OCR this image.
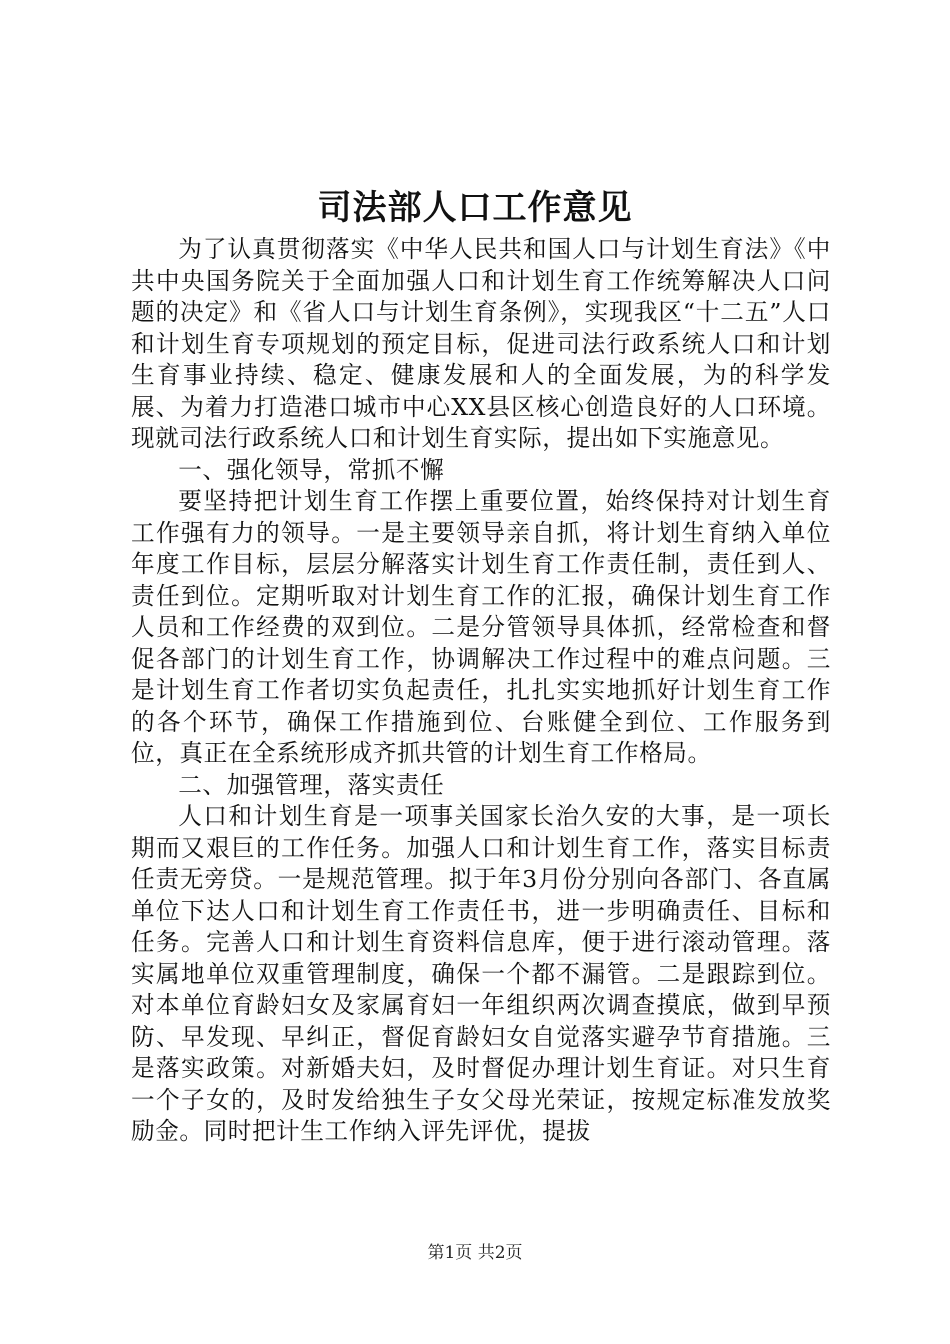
司法部人口工作意见

为了认真贯彻落实《中华人民共和国人口与计划生育法》《中共中央国务院关于全面加强人口和计划生育工作统筹解决人口问题的决定》和《省人口与计划生育条例》，实现我区“十二五”人口和计划生育专项规划的预定目标，促进司法行政系统人口和计划生育事业持续、稳定、健康发展和人的全面发展，为的科学发展、为着力打造港口城市中心XX县区核心创造良好的人口环境。现就司法行政系统人口和计划生育实际，提出如下实施意见。

一、强化领导，常抓不懈

要坚持把计划生育工作摆上重要位置，始终保持对计划生育工作强有力的领导。一是主要领导亲自抓，将计划生育纳入单位年度工作目标，层层分解落实计划生育工作责任制，责任到人、责任到位。定期听取对计划生育工作的汇报，确保计划生育工作人员和工作经费的双到位。二是分管领导具体抓，经常检查和督促各部门的计划生育工作，协调解决工作过程中的难点问题。三是计划生育工作者切实负起责任，扎扎实实地抓好计划生育工作的各个环节，确保工作措施到位、台账健全到位、工作服务到位，真正在全系统形成齐抓共管的计划生育工作格局。

二、加强管理，落实责任

人口和计划生育是一项事关国家长治久安的大事，是一项长期而又艰巨的工作任务。加强人口和计划生育工作，落实目标责任责无旁贷。一是规范管理。拟于年3月份分别向各部门、各直属单位下达人口和计划生育工作责任书，进一步明确责任、目标和任务。完善人口和计划生育资料信息库，便于进行滚动管理。落实属地单位双重管理制度，确保一个都不漏管。二是跟踪到位。对本单位育龄妇女及家属育妇一年组织两次调查摸底，做到早预防、早发现、早纠正，督促育龄妇女自觉落实避孕节育措施。三是落实政策。对新婚夫妇，及时督促办理计划生育证。对只生育一个子女的，及时发给独生子女父母光荣证，按规定标准发放奖励金。同时把计生工作纳入评先评优，提拔

第1页 共2页
